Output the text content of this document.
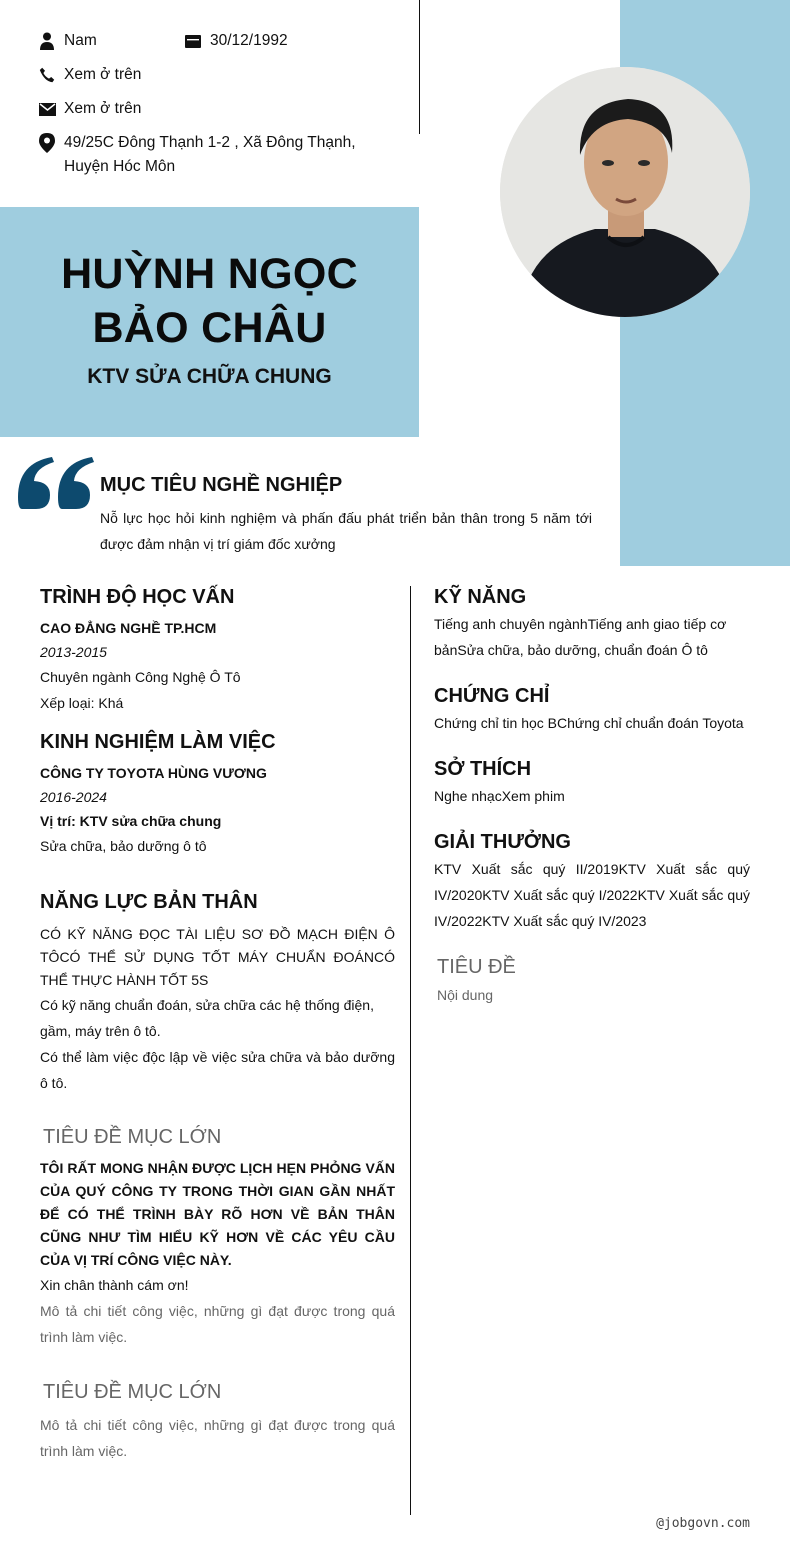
Nam	30/12/1992
Xem ở trên
Xem ở trên
49/25C Đông Thạnh 1-2 , Xã Đông Thạnh, Huyện Hóc Môn
HUỲNH NGỌC BẢO CHÂU
KTV SỬA CHỮA CHUNG
MỤC TIÊU NGHỀ NGHIỆP
Nỗ lực học hỏi kinh nghiệm và phấn đấu phát triển bản thân trong 5 năm tới được đảm nhận vị trí giám đốc xưởng
TRÌNH ĐỘ HỌC VẤN
CAO ĐẲNG NGHỀ TP.HCM
2013-2015
Chuyên ngành Công Nghệ Ô Tô
Xếp loại: Khá
KINH NGHIỆM LÀM VIỆC
CÔNG TY TOYOTA HÙNG VƯƠNG
2016-2024
Vị trí: KTV sửa chữa chung
Sửa chữa, bảo dưỡng ô tô
NĂNG LỰC BẢN THÂN
CÓ KỸ NĂNG ĐỌC TÀI LIỆU SƠ ĐỒ MẠCH ĐIỆN Ô TÔCÓ THỂ SỬ DỤNG TỐT MÁY CHUẨN ĐOÁNCÓ THỂ THỰC HÀNH TỐT 5S
Có kỹ năng chuẩn đoán, sửa chữa các hệ thống điện, gầm, máy trên ô tô.
Có thể làm việc độc lập về việc sửa chữa và bảo dưỡng ô tô.
TIÊU ĐỀ MỤC LỚN
TÔI RẤT MONG NHẬN ĐƯỢC LỊCH HẸN PHỎNG VẤN CỦA QUÝ CÔNG TY TRONG THỜI GIAN GẦN NHẤT ĐỂ CÓ THỂ TRÌNH BÀY RÕ HƠN VỀ BẢN THÂN CŨNG NHƯ TÌM HIỂU KỸ HƠN VỀ CÁC YÊU CẦU CỦA VỊ TRÍ CÔNG VIỆC NÀY.
Xin chân thành cám ơn!
Mô tả chi tiết công việc, những gì đạt được trong quá trình làm việc.
TIÊU ĐỀ MỤC LỚN
Mô tả chi tiết công việc, những gì đạt được trong quá trình làm việc.
KỸ NĂNG
Tiếng anh chuyên ngànhTiếng anh giao tiếp cơ bảnSửa chữa, bảo dưỡng, chuẩn đoán Ô tô
CHỨNG CHỈ
Chứng chỉ tin học BChứng chỉ chuẩn đoán Toyota
SỞ THÍCH
Nghe nhạcXem phim
GIẢI THƯỞNG
KTV Xuất sắc quý II/2019KTV Xuất sắc quý IV/2020KTV Xuất sắc quý I/2022KTV Xuất sắc quý IV/2022KTV Xuất sắc quý IV/2023
TIÊU ĐỀ
Nội dung
@jobgovn.com
